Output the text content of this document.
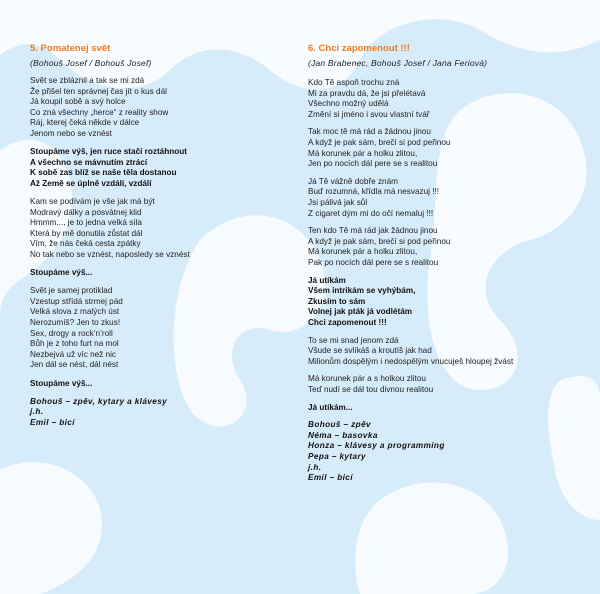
5. Pomatenej svět
(Bohouš Josef / Bohouš Josef)
Svět se zbláznil a tak se mi zdá
Že přišel ten správnej čas jít o kus dál
Já koupil sobě a svý holce
Co zná všechny „herce“ z reality show
Ráj, kterej čeká někde v dálce
Jenom nebo se vznést
Stoupáme výš, jen ruce stačí roztáhnout
A všechno se mávnutím ztrácí
K sobě zas blíž se naše těla dostanou
Až Země se úplně vzdálí, vzdálí
Kam se podívám je vše jak má být
Modravý dálky a posvátnej klid
Hmmm..., je to jedna velká síla
Která by mě donutila zůstat dál
Vím, že nás čeká cesta zpátky
No tak nebo se vznést, naposledy se vznést
Stoupáme výš...
Svět je samej protiklad
Vzestup střídá strmej pád
Velká slova z malých úst
Nerozumíš? Jen to zkus!
Sex, drogy a rock’n’roll
Bůh je z toho furt na mol
Nezbejvá už víc než nic
Jen dál se nést, dál nést
Stoupáme výš...
Bohouš – zpěv, kytary a klávesy
j.h.
Emil – bicí
6. Chci zapomenout !!!
(Jan Brabenec, Bohouš Josef / Jana Feriová)
Kdo Tě aspoň trochu zná
Mi za pravdu dá, že jsi přelétavá
Všechno možný udělá
Změní si jméno i svou vlastní tvář
Tak moc tě má rád a žádnou jinou
A když je pak sám, brečí si pod peřinou
Má korunek pár a holku zlitou,
Jen po nocích dál pere se s realitou
Já Tě vážně dobře znám
Buď rozumná, křídla má nesvazuj !!!
Jsi pálivá jak sůl
Z cigaret dým mi do očí nemaluj !!!
Ten kdo Tě má rád jak žádnou jinou
A když je pak sám, brečí si pod peřinou
Má korunek pár a holku zlitou,
Pak po nocích dál pere se s realitou
Já utíkám
Všem intrikám se vyhýbám,
Zkusím to sám
Volnej jak pták já vodlétám
Chci zapomenout !!!
To se mi snad jenom zdá
Všude se svlíkáš a kroutíš jak had
Milionům dospělým i nedospělým vnucuješ hloupej žvást
Má korunek pár a s holkou zlitou
Teď nudí se dál tou divnou realitou
Já utíkám...
Bohouš – zpěv
Néma – basovka
Honza – klávesy a programming
Pepa – kytary
j.h.
Emil – bicí
